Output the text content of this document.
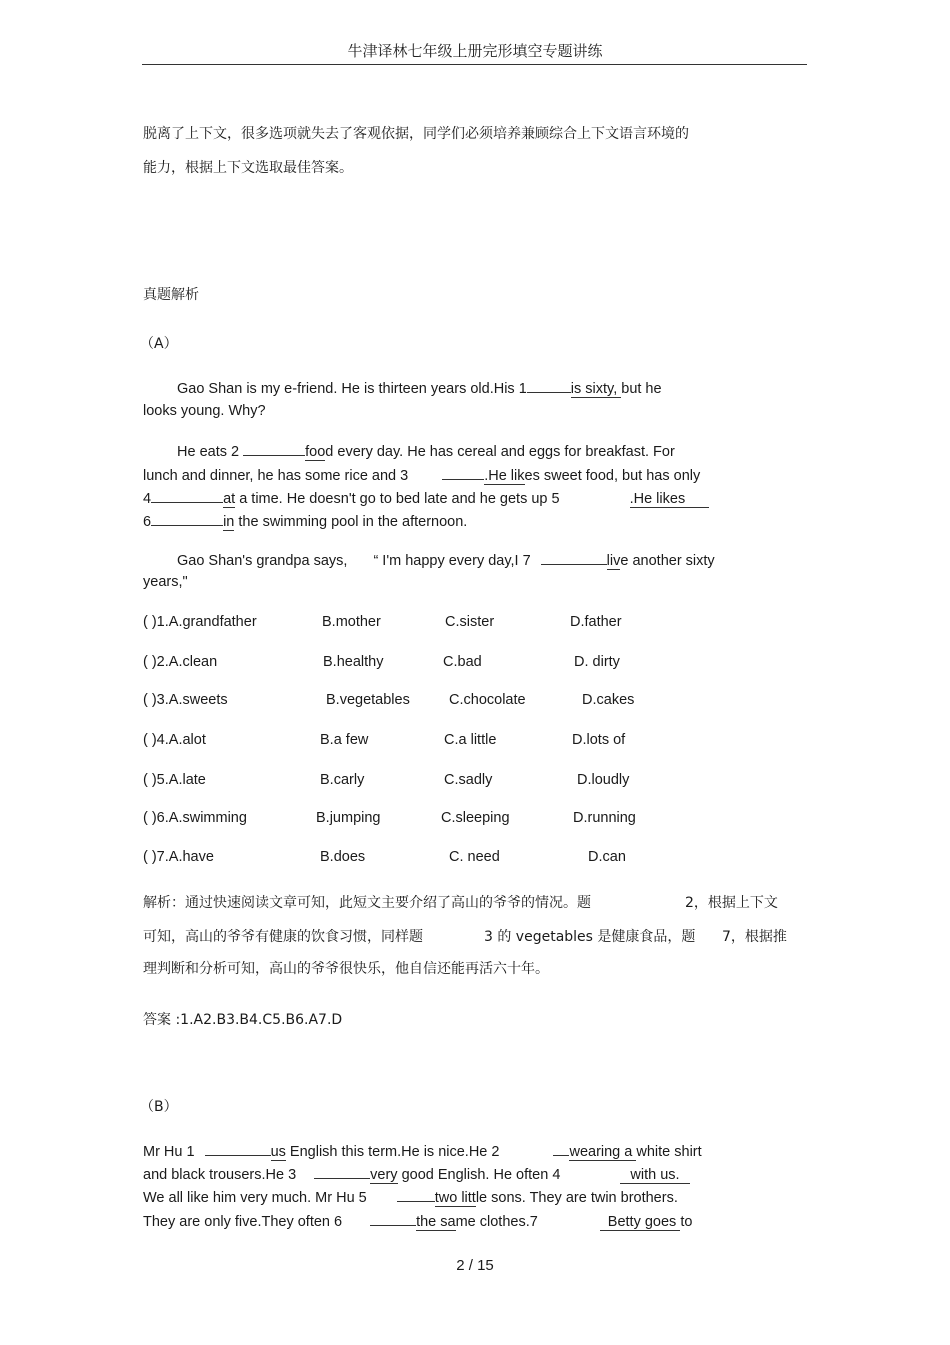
牛津译林七年级上册完形填空专题讲练
脱离了上下文，很多选项就失去了客观依据，同学们必须培养兼顾综合上下文语言环境的
能力，根据上下文选取最佳答案。
真题解析
（A）
Gao Shan is my e-friend. He is thirteen years old.His 1	is sixty, but he
looks young. Why?
He eats 2	food every day. He has cereal and eggs for breakfast. For
lunch and dinner, he has some rice and 3	.He likes sweet food, but has only
4	at a time. He doesn't go to bed late and he gets up 5	.He likes
6	in the swimming pool in the afternoon.
Gao Shan's grandpa says, “ I'm happy every day,I 7	live another sixty
years,"
( )1.A.grandfather	B.mother	C.sister	D.father
( )2.A.clean	B.healthy	C.bad	D. dirty
( )3.A.sweets	B.vegetables	C.chocolate	D.cakes
( )4.A.alot	B.a few	C.a little	D.lots of
( )5.A.late	B.carly	C.sadly	D.loudly
( )6.A.swimming	B.jumping	C.sleeping	D.running
( )7.A.have	B.does	C. need	D.can
解析：通过快速阅读文章可知，此短文主要介绍了高山的爷爷的情况。题	2，根据上下文
可知，高山的爷爷有健康的饮食习惯，同样题	3 的 vegetables 是健康食品，题 7，根据推
理判断和分析可知，高山的爷爷很快乐，他自信还能再活六十年。
答案 :1.A2.B3.B4.C5.B6.A7.D
（B）
Mr Hu 1	us English this term.He is nice.He 2	wearing a white shirt
and black trousers.He 3	very good English. He often 4	with us.
We all like him very much. Mr Hu 5	two little sons. They are twin brothers.
They are only five.They often 6	the same clothes.7	Betty goes to
2 / 15
